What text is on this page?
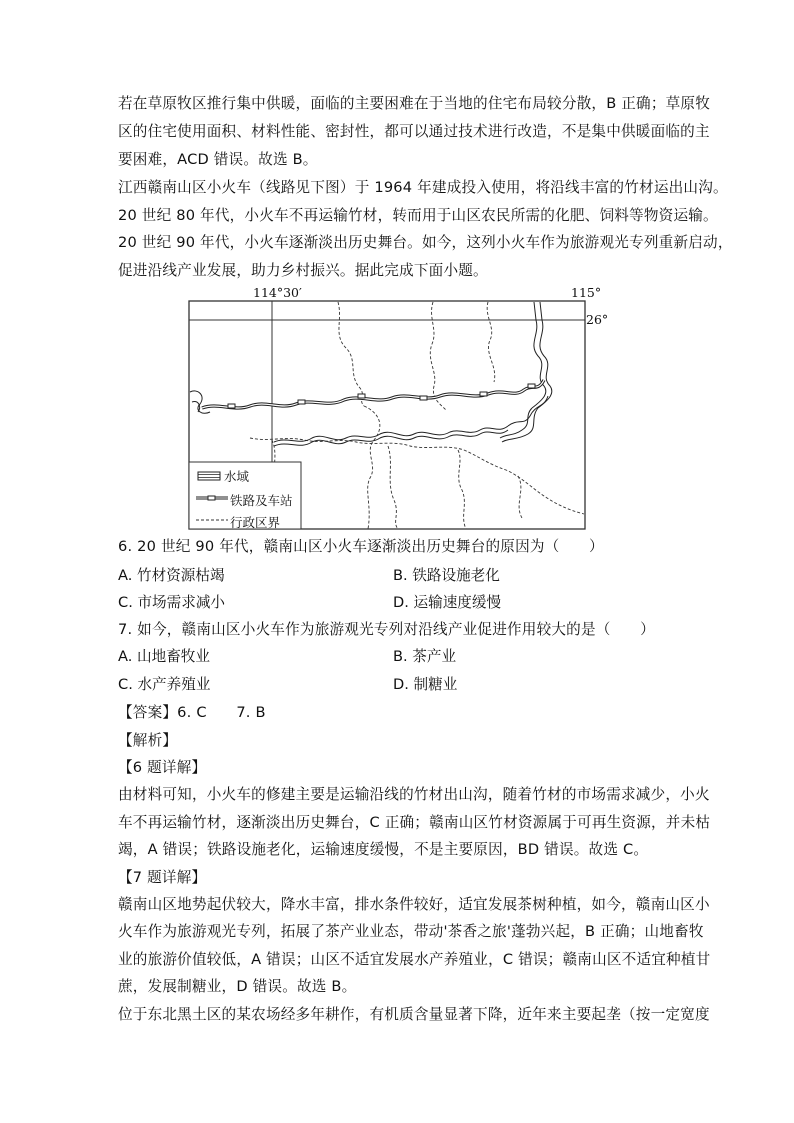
若在草原牧区推行集中供暖，面临的主要困难在于当地的住宅布局较分散，B 正确；草原牧
区的住宅使用面积、材料性能、密封性，都可以通过技术进行改造，不是集中供暖面临的主
要困难，ACD 错误。故选 B。
江西赣南山区小火车（线路见下图）于 1964 年建成投入使用，将沿线丰富的竹材运出山沟。
20 世纪 80 年代，小火车不再运输竹材，转而用于山区农民所需的化肥、饲料等物资运输。
20 世纪 90 年代，小火车逐渐淡出历史舞台。如今，这列小火车作为旅游观光专列重新启动，
促进沿线产业发展，助力乡村振兴。据此完成下面小题。
114°30′	115°
26°
水域
铁路及车站
行政区界
6. 20 世纪 90 年代，赣南山区小火车逐渐淡出历史舞台的原因为（　　）
A. 竹材资源枯竭	B. 铁路设施老化
C. 市场需求减小	D. 运输速度缓慢
7. 如今，赣南山区小火车作为旅游观光专列对沿线产业促进作用较大的是（　　）
A. 山地畜牧业	B. 茶产业
C. 水产养殖业	D. 制糖业
【答案】6. C　　7. B
【解析】
【6 题详解】
由材料可知，小火车的修建主要是运输沿线的竹材出山沟，随着竹材的市场需求减少，小火
车不再运输竹材，逐渐淡出历史舞台，C 正确；赣南山区竹材资源属于可再生资源，并未枯
竭，A 错误；铁路设施老化，运输速度缓慢，不是主要原因，BD 错误。故选 C。
【7 题详解】
赣南山区地势起伏较大，降水丰富，排水条件较好，适宜发展茶树种植，如今，赣南山区小
火车作为旅游观光专列，拓展了茶产业业态，带动'茶香之旅'蓬勃兴起，B 正确；山地畜牧
业的旅游价值较低，A 错误；山区不适宜发展水产养殖业，C 错误；赣南山区不适宜种植甘
蔗，发展制糖业，D 错误。故选 B。
位于东北黑土区的某农场经多年耕作，有机质含量显著下降，近年来主要起垄（按一定宽度
